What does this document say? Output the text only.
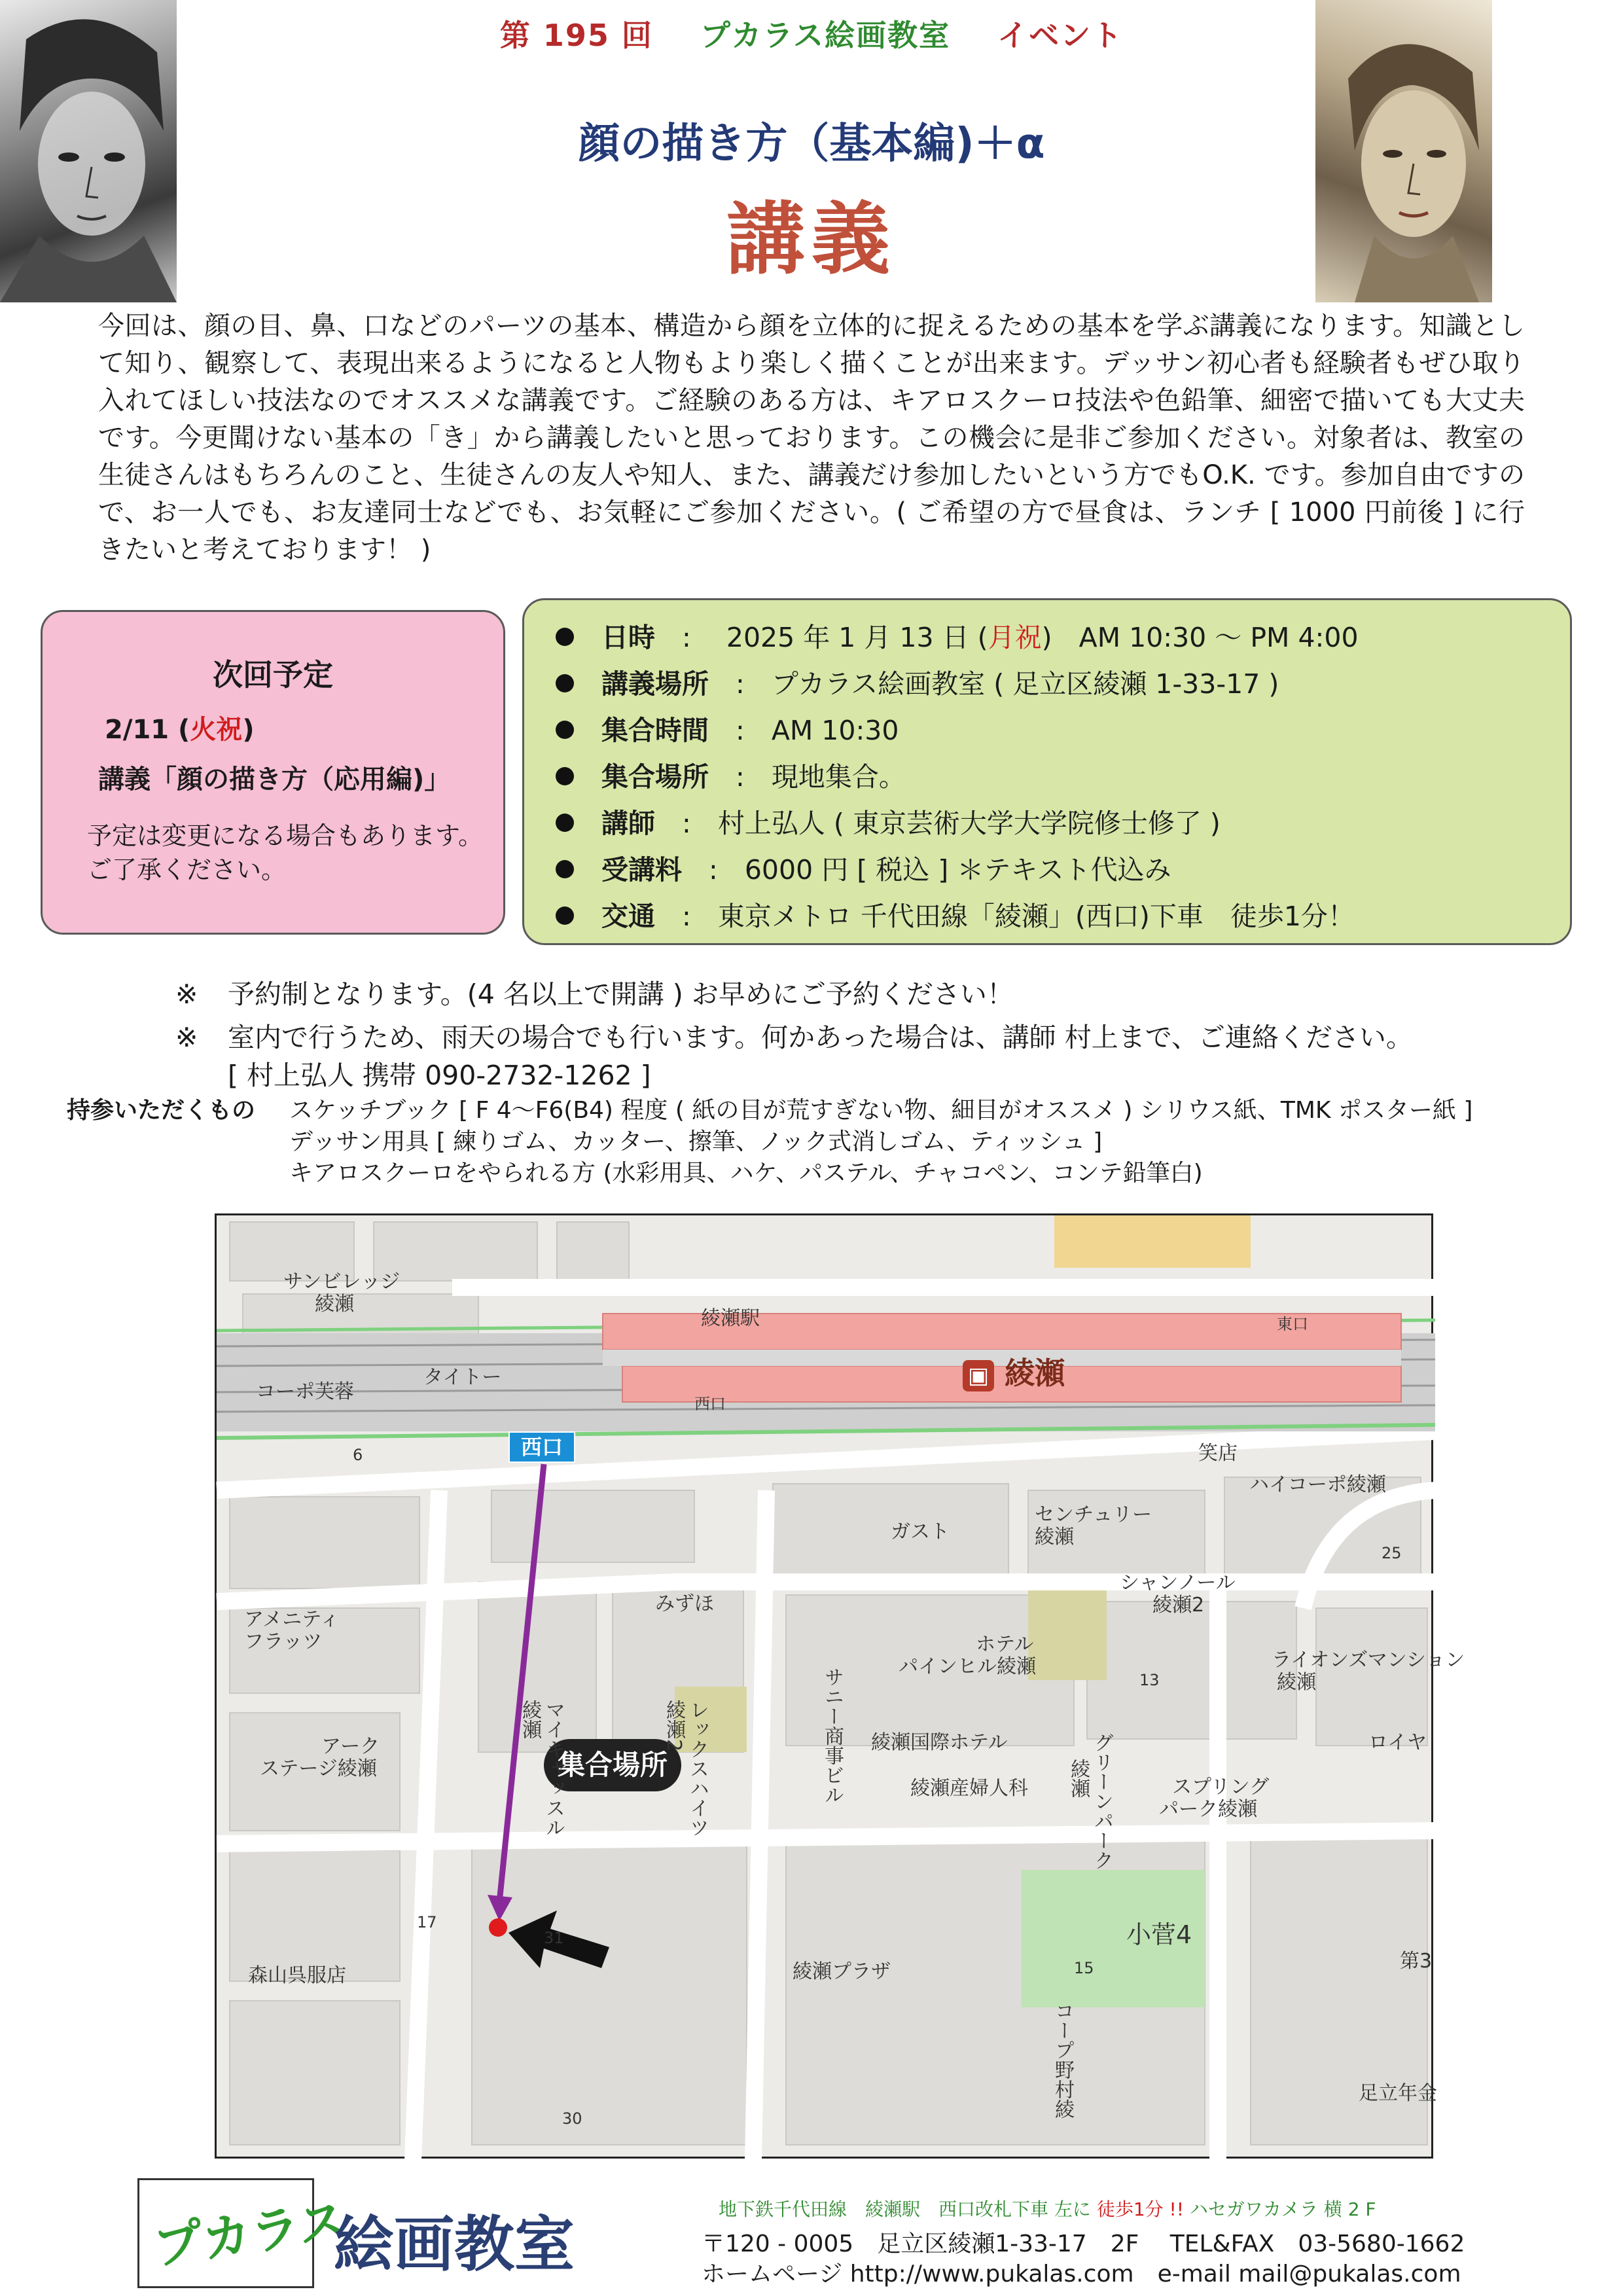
第 195 回 プカラス絵画教室 イベント
顔の描き方（基本編)＋α
講義
今回は、顔の目、鼻、口などのパーツの基本、構造から顔を立体的に捉えるための基本を学ぶ講義になります。知識として知り、観察して、表現出来るようになると人物もより楽しく描くことが出来ます。デッサン初心者も経験者もぜひ取り入れてほしい技法なのでオススメな講義です。ご経験のある方は、キアロスクーロ技法や色鉛筆、細密で描いても大丈夫です。今更聞けない基本の「き」から講義したいと思っております。この機会に是非ご参加ください。対象者は、教室の生徒さんはもちろんのこと、生徒さんの友人や知人、また、講義だけ参加したいという方でもO.K. です。参加自由ですので、お一人でも、お友達同士などでも、お気軽にご参加ください。( ご希望の方で昼食は、ランチ [ 1000 円前後 ] に行きたいと考えております！ )
次回予定
2/11 (火祝)
講義「顔の描き方（応用編)」
予定は変更になる場合もあります。
ご了承ください。
日時　:　 2025 年 1 月 13 日 (月祝)　AM 10:30 ～ PM 4:00
講義場所　:　プカラス絵画教室 ( 足立区綾瀬 1-33-17 )
集合時間　:　AM 10:30
集合場所　:　現地集合。
講師　:　村上弘人 ( 東京芸術大学大学院修士修了 )
受講料　:　6000 円 [ 税込 ] ＊テキスト代込み
交通　:　東京メトロ 千代田線「綾瀬」(西口)下車　徒歩1分！
※ 予約制となります。(4 名以上で開講 ) お早めにご予約ください！
※ 室内で行うため、雨天の場合でも行います。何かあった場合は、講師 村上まで、ご連絡ください。
[ 村上弘人 携帯 090-2732-1262 ]
持参いただくもの スケッチブック [ F 4～F6(B4) 程度 ( 紙の目が荒すぎない物、細目がオススメ ) シリウス紙、TMK ポスター紙 ]
デッサン用具 [ 練りゴム、カッター、擦筆、ノック式消しゴム、ティッシュ ]
キアロスクーロをやられる方 (水彩用具、ハケ、パステル、チャコペン、コンテ鉛筆白)
▣ 綾瀬
綾瀬駅	東口
西口
西口
集合場所
サンビレッジ
綾瀬
タイトー
コーポ芙蓉
アメニティ
フラッツ
みずほ
アーク
ステージ綾瀬
森山呉服店
ガスト
センチュリー
綾瀬
ハイコーポ綾瀬
笑店
シャンノール
綾瀬2
ホテル
パインヒル綾瀬	ライオンズマンション
綾瀬
ロイヤ
綾瀬国際ホテル
綾瀬産婦人科	スプリング
パーク綾瀬
綾瀬プラザ
小菅4
足立年金
第3
13
15
25
30
31
17
6
綾瀬 マイキャッスル	綾瀬2 レックスハイツ	サニー商事ビル	グリーンパーク
綾瀬
コープ野村綾
プカラス
絵画教室
地下鉄千代田線　綾瀬駅　西口改札下車 左に 徒歩1分 !! ハセガワカメラ 横 2 F
〒120 - 0005　足立区綾瀬1-33-17　2F　 TEL&FAX　03-5680-1662
ホームページ http://www.pukalas.com　e-mail mail@pukalas.com
